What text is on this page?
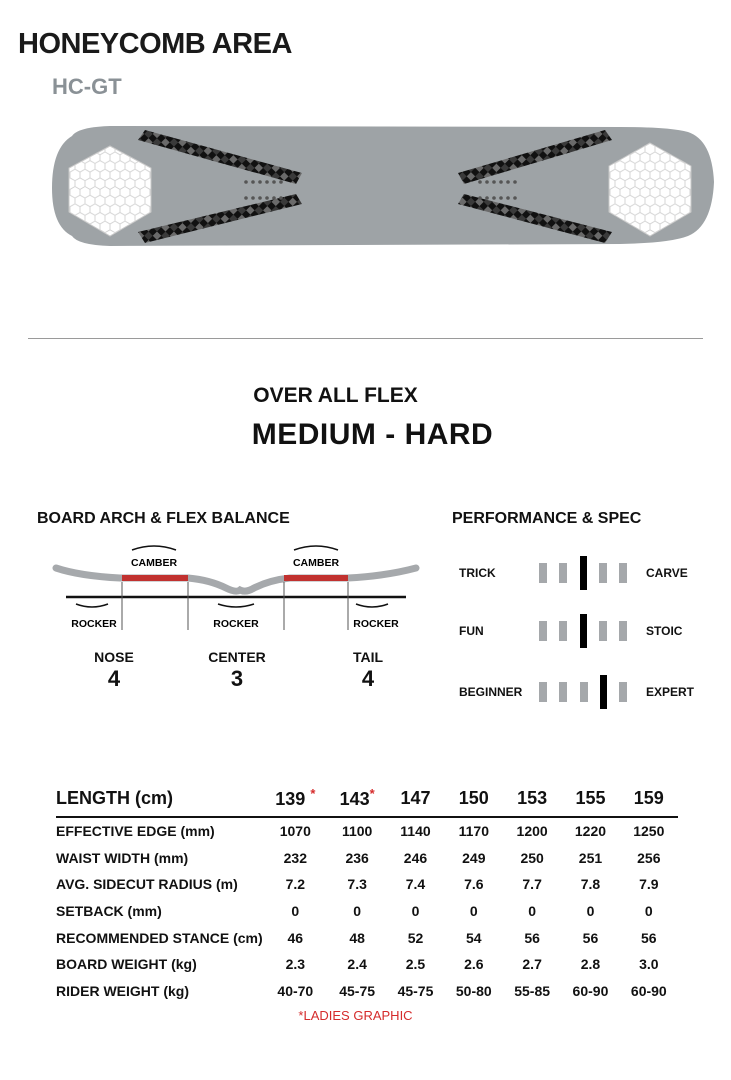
HONEYCOMB AREA
HC-GT
OVER ALL FLEX
MEDIUM - HARD
BOARD ARCH & FLEX BALANCE
CAMBER	CAMBER
ROCKER	ROCKER	ROCKER
NOSE
4
CENTER
3
TAIL
4
PERFORMANCE & SPEC
TRICK	CARVE
FUN	STOIC
BEGINNER	EXPERT
LENGTH (cm)	139 *	143*	147	150	153	155	159
EFFECTIVE EDGE (mm)	1070	1100	1140	1170	1200	1220	1250
WAIST WIDTH (mm)	232	236	246	249	250	251	256
AVG. SIDECUT RADIUS (m)	7.2	7.3	7.4	7.6	7.7	7.8	7.9
SETBACK (mm)	0	0	0	0	0	0	0
RECOMMENDED STANCE (cm)	46	48	52	54	56	56	56
BOARD WEIGHT (kg)	2.3	2.4	2.5	2.6	2.7	2.8	3.0
RIDER WEIGHT (kg)	40-70	45-75	45-75	50-80	55-85	60-90	60-90
*LADIES GRAPHIC
